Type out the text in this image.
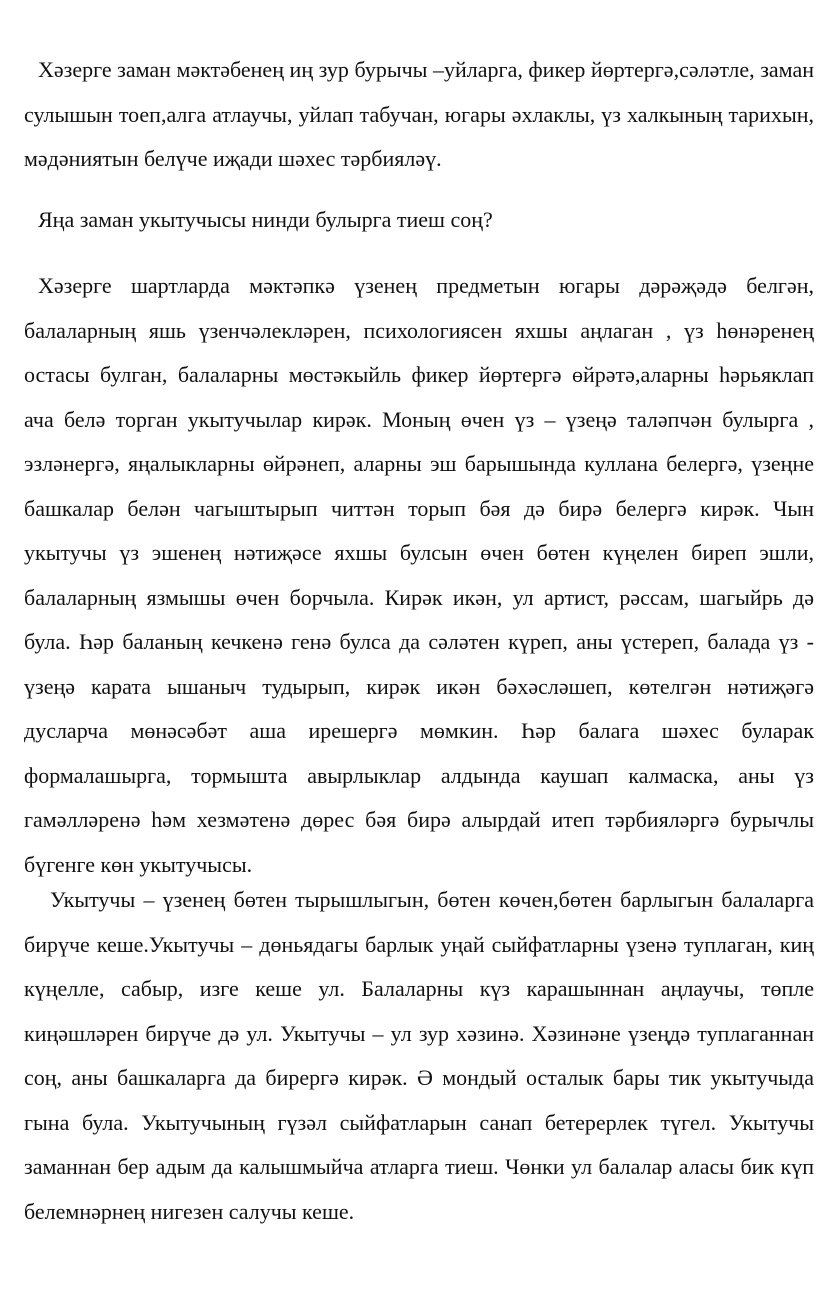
Хәзерге заман мәктәбенең иң зур бурычы –уйларга, фикер йөртергә,сәләтле, заман сулышын тоеп,алга атлаучы, уйлап табучан, югары әхлаклы, үз халкының тарихын, мәдәниятын белүче иҗади шәхес тәрбияләү.

Яңа заман укытучысы нинди булырга тиеш соң?

Хәзерге шартларда мәктәпкә үзенең предметын югары дәрәҗәдә белгән, балаларның яшь үзенчәлекләрен, психологиясен яхшы аңлаган , үз һөнәренең остасы булган, балаларны мөстәкыйль фикер йөртергә өйрәтә,аларны һәрьяклап ача белә торган укытучылар кирәк. Моның өчен үз – үзеңә таләпчән булырга , эзләнергә, яңалыкларны өйрәнеп, аларны эш барышында куллана белергә, үзеңне башкалар белән чагыштырып читтән торып бәя дә бирә белергә кирәк. Чын укытучы үз эшенең нәтиҗәсе яхшы булсын өчен бөтен күңелен биреп эшли, балаларның язмышы өчен борчыла. Кирәк икән, ул артист, рәссам, шагыйрь дә була. Һәр баланың кечкенә генә булса да сәләтен күреп, аны үстереп, балада үз - үзеңә карата ышаныч тудырып, кирәк икән бәхәсләшеп, көтелгән нәтиҗәгә дусларча мөнәсәбәт аша ирешергә мөмкин. Һәр балага шәхес буларак формалашырга, тормышта авырлыклар алдында каушап калмаска, аны үз гамәлләренә һәм хезмәтенә дөрес бәя бирә алырдай итеп тәрбияләргә бурычлы бүгенге көн укытучысы.

Укытучы – үзенең бөтен тырышлыгын, бөтен көчен,бөтен барлыгын балаларга бирүче кеше.Укытучы – дөньядагы барлык уңай сыйфатларны үзенә туплаган, киң күңелле, сабыр, изге кеше ул. Балаларны күз карашыннан аңлаучы, төпле киңәшләрен бирүче дә ул. Укытучы – ул зур хәзинә. Хәзинәне үзеңдә туплаганнан соң, аны башкаларга да бирергә кирәк. Ә мондый осталык бары тик укытучыда гына була. Укытучының гүзәл сыйфатларын санап бетерерлек түгел. Укытучы заманнан бер адым да калышмыйча атларга тиеш. Чөнки ул балалар аласы бик күп белемнәрнең нигезен салучы кеше.
